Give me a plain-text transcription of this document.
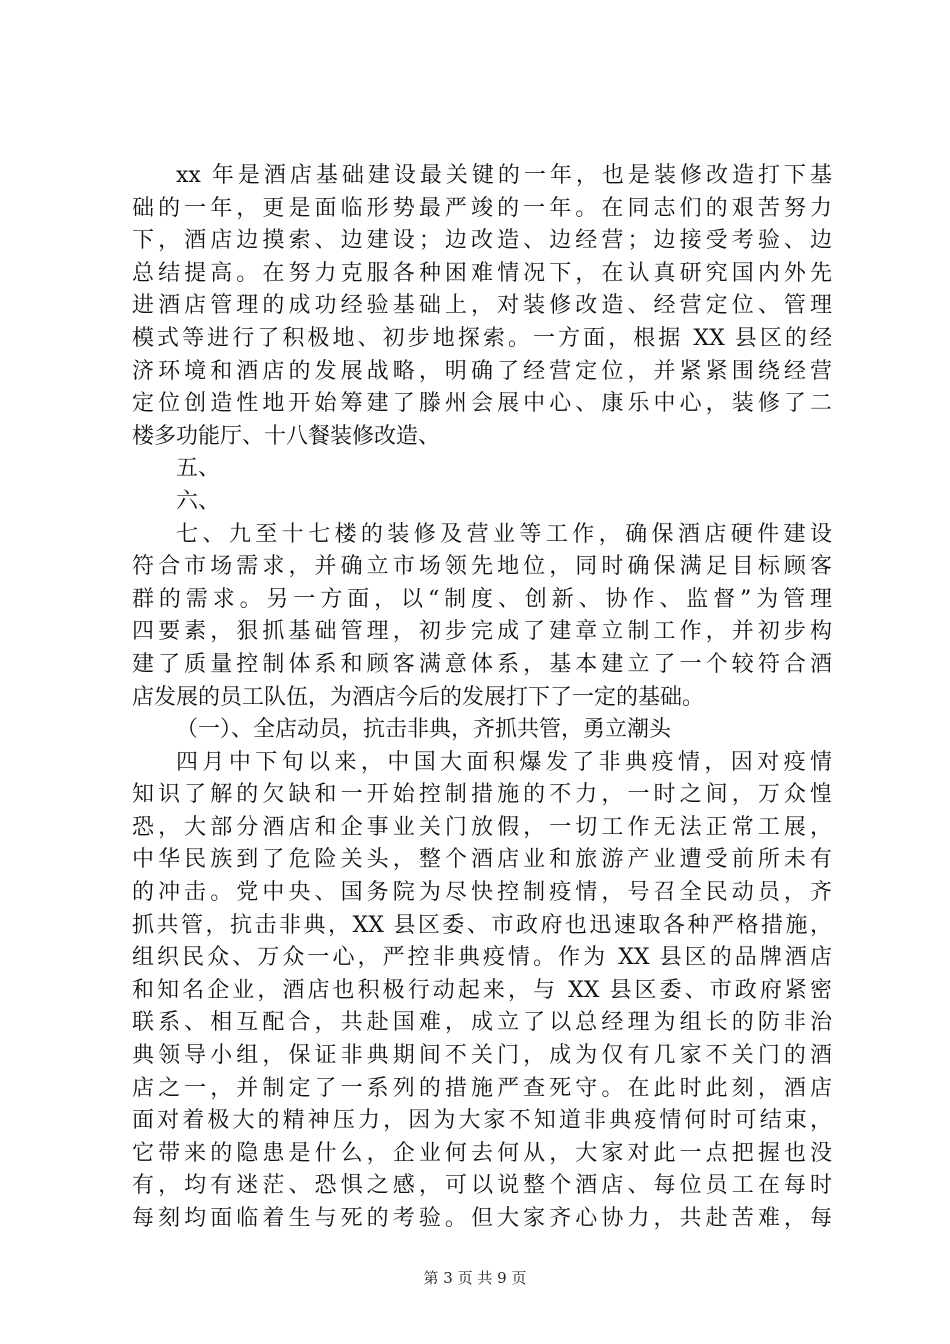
xx 年是酒店基础建设最关键的一年，也是装修改造打下基
础的一年，更是面临形势最严竣的一年。在同志们的艰苦努力
下，酒店边摸索、边建设；边改造、边经营；边接受考验、边
总结提高。在努力克服各种困难情况下，在认真研究国内外先
进酒店管理的成功经验基础上，对装修改造、经营定位、管理
模式等进行了积极地、初步地探索。一方面，根据 XX 县区的经
济环境和酒店的发展战略，明确了经营定位，并紧紧围绕经营
定位创造性地开始筹建了滕州会展中心、康乐中心，装修了二
楼多功能厅、十八餐装修改造、
五、
六、
七、九至十七楼的装修及营业等工作，确保酒店硬件建设
符合市场需求，并确立市场领先地位，同时确保满足目标顾客
群的需求。另一方面，以“制度、创新、协作、监督”为管理
四要素，狠抓基础管理，初步完成了建章立制工作，并初步构
建了质量控制体系和顾客满意体系，基本建立了一个较符合酒
店发展的员工队伍，为酒店今后的发展打下了一定的基础。
（一）、全店动员，抗击非典，齐抓共管，勇立潮头
四月中下旬以来，中国大面积爆发了非典疫情，因对疫情
知识了解的欠缺和一开始控制措施的不力，一时之间，万众惶
恐，大部分酒店和企事业关门放假，一切工作无法正常工展，
中华民族到了危险关头，整个酒店业和旅游产业遭受前所未有
的冲击。党中央、国务院为尽快控制疫情，号召全民动员，齐
抓共管，抗击非典，XX 县区委、市政府也迅速取各种严格措施，
组织民众、万众一心，严控非典疫情。作为 XX 县区的品牌酒店
和知名企业，酒店也积极行动起来，与 XX 县区委、市政府紧密
联系、相互配合，共赴国难，成立了以总经理为组长的防非治
典领导小组，保证非典期间不关门，成为仅有几家不关门的酒
店之一，并制定了一系列的措施严查死守。在此时此刻，酒店
面对着极大的精神压力，因为大家不知道非典疫情何时可结束，
它带来的隐患是什么，企业何去何从，大家对此一点把握也没
有，均有迷茫、恐惧之感，可以说整个酒店、每位员工在每时
每刻均面临着生与死的考验。但大家齐心协力，共赴苦难，每
第 3 页 共 9 页
